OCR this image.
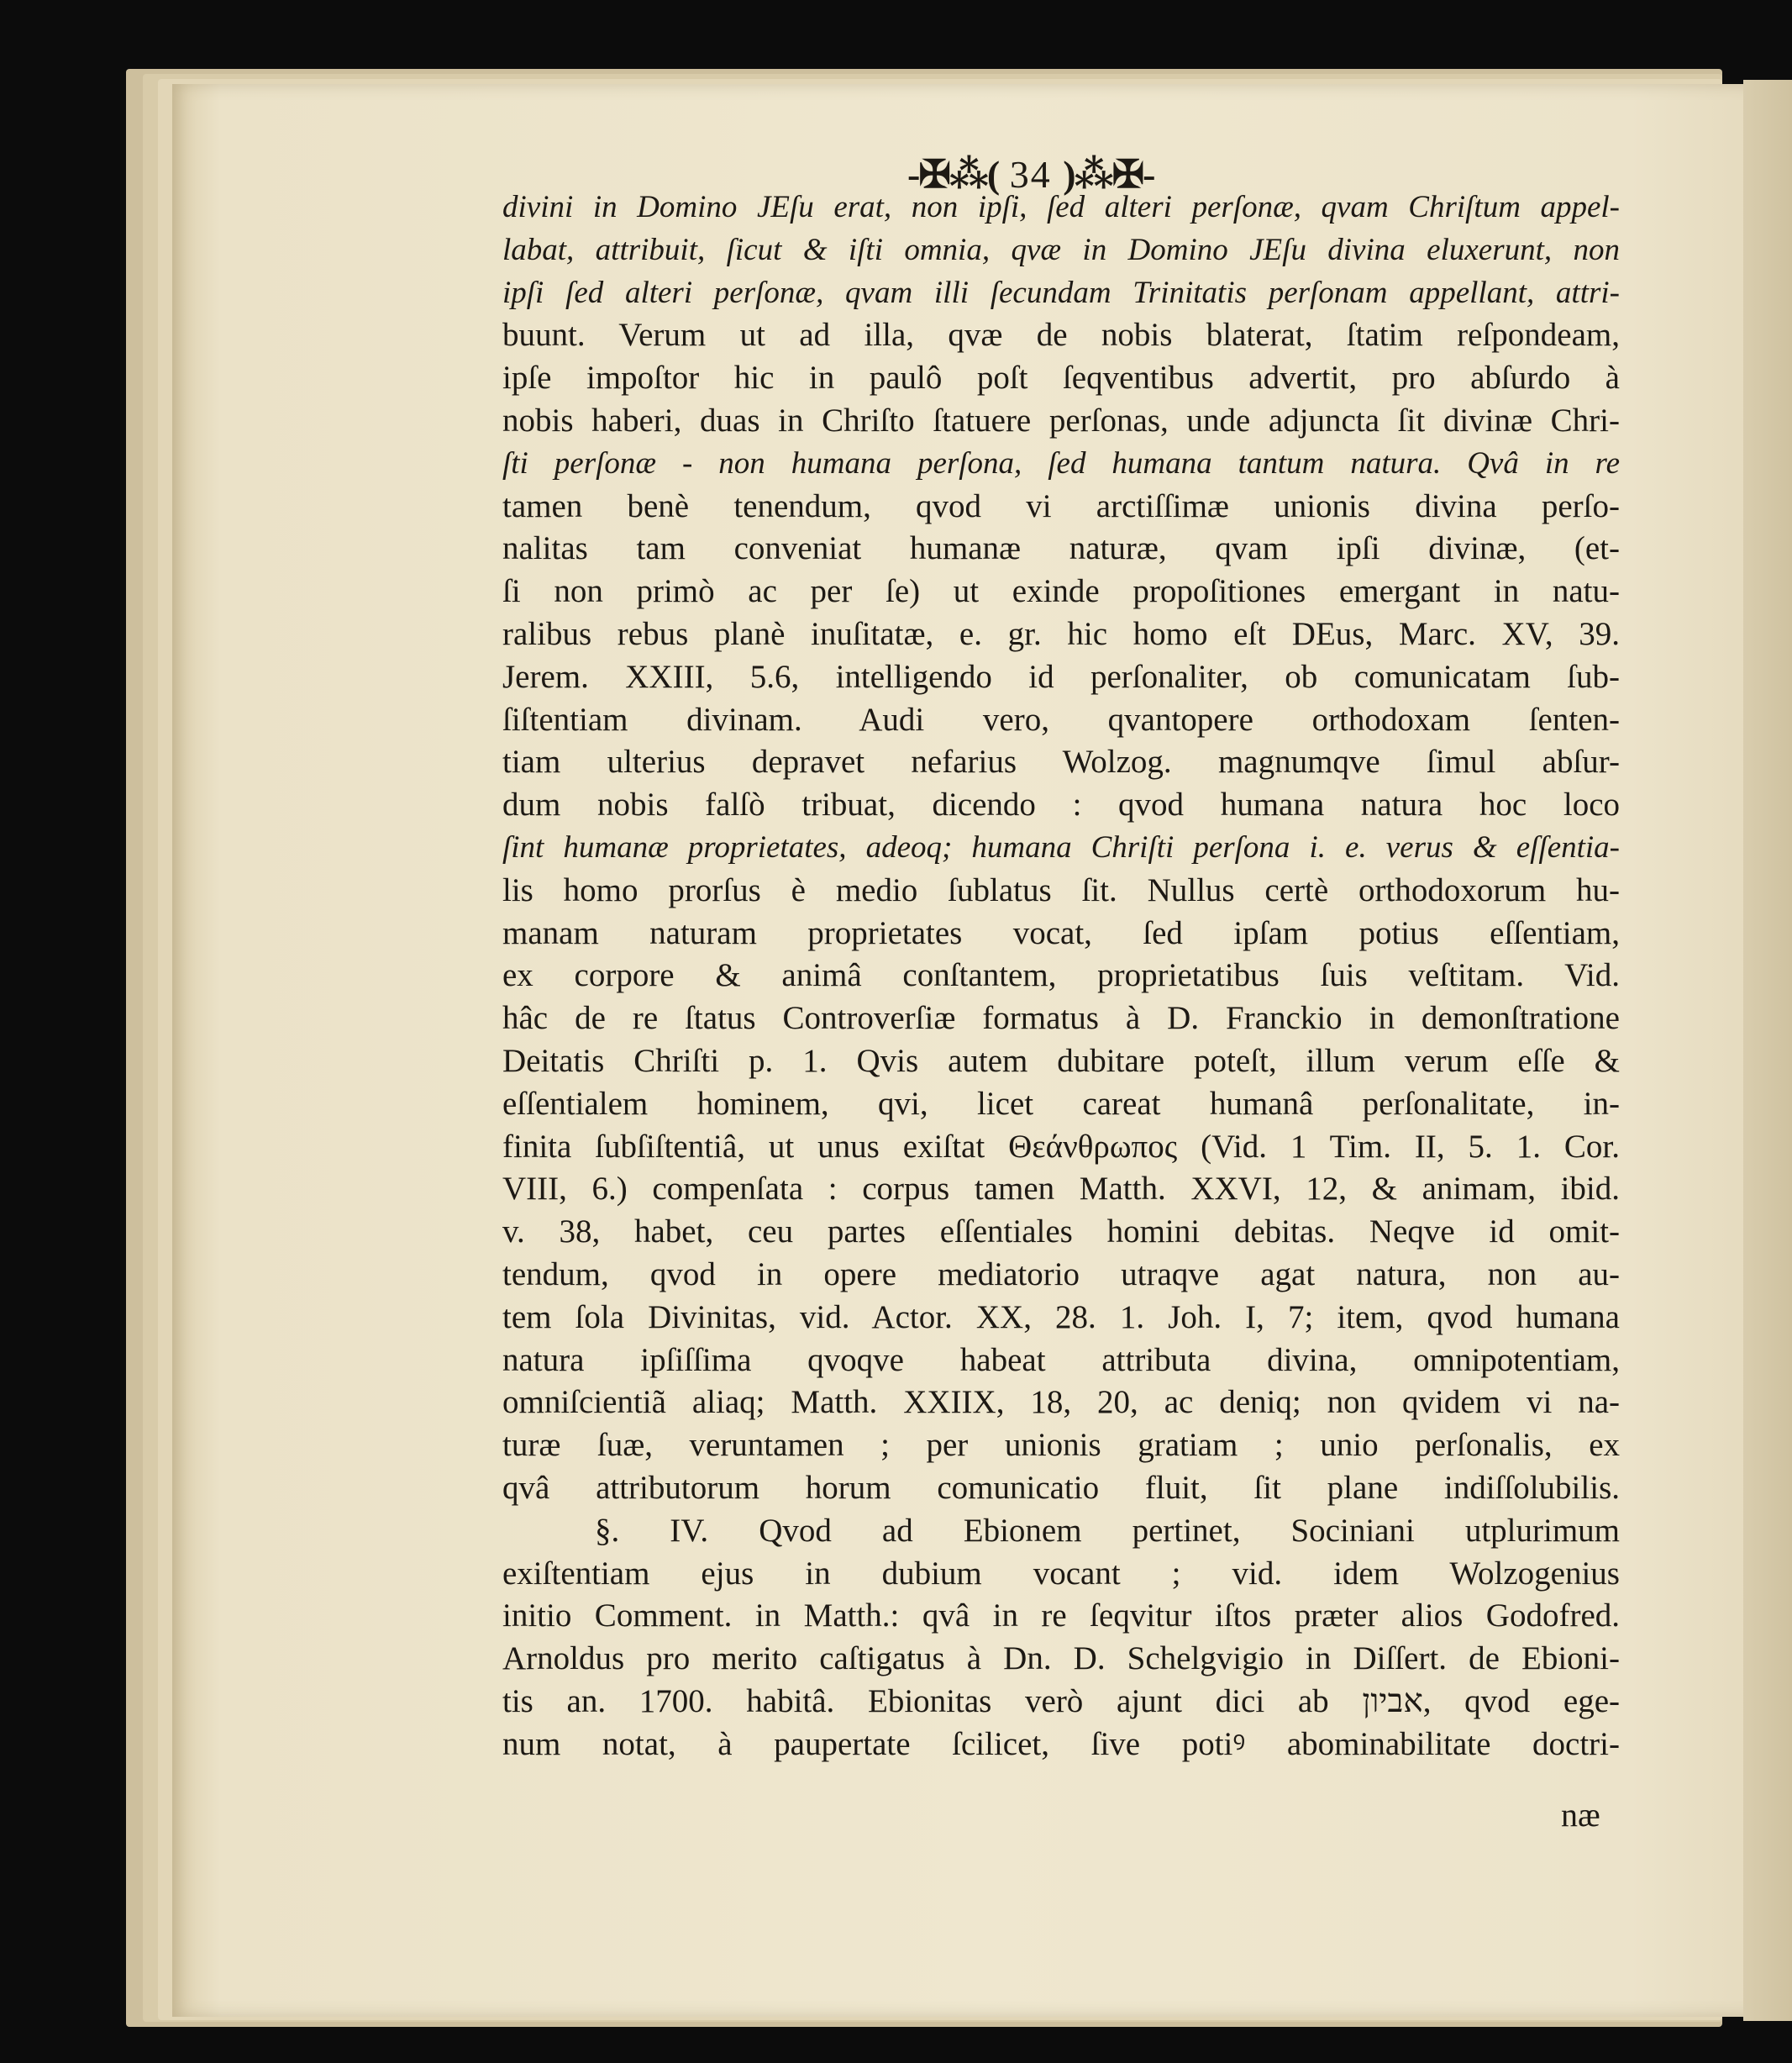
-✠⁂( 34 )⁂✠-
divini in Domino JEſu erat, non ipſi, ſed alteri perſonæ, qvam Chriſtum appel-
labat, attribuit, ſicut & iſti omnia, qvæ in Domino JEſu divina eluxerunt, non
ipſi ſed alteri perſonæ, qvam illi ſecundam Trinitatis perſonam appellant, attri-
buunt. Verum ut ad illa, qvæ de nobis blaterat, ſtatim reſpondeam,
ipſe impoſtor hic in paulô poſt ſeqventibus advertit, pro abſurdo à
nobis haberi, duas in Chriſto ſtatuere perſonas, unde adjuncta ſit divinæ Chri-
ſti perſonæ - non humana perſona, ſed humana tantum natura. Qvâ in re
tamen benè tenendum, qvod vi arctiſſimæ unionis divina perſo-
nalitas tam conveniat humanæ naturæ, qvam ipſi divinæ, (et-
ſi non primò ac per ſe) ut exinde propoſitiones emergant in natu-
ralibus rebus planè inuſitatæ, e. gr. hic homo eſt DEus, Marc. XV, 39.
Jerem. XXIII, 5.6, intelligendo id perſonaliter, ob comunicatam ſub-
ſiſtentiam divinam. Audi vero, qvantopere orthodoxam ſenten-
tiam ulterius depravet nefarius Wolzog. magnumqve ſimul abſur-
dum nobis falſò tribuat, dicendo : qvod humana natura hoc loco
ſint humanæ proprietates, adeoq; humana Chriſti perſona i. e. verus & eſſentia-
lis homo prorſus è medio ſublatus ſit. Nullus certè orthodoxorum hu-
manam naturam proprietates vocat, ſed ipſam potius eſſentiam,
ex corpore & animâ conſtantem, proprietatibus ſuis veſtitam. Vid.
hâc de re ſtatus Controverſiæ formatus à D. Franckio in demonſtratione
Deitatis Chriſti p. 1. Qvis autem dubitare poteſt, illum verum eſſe &
eſſentialem hominem, qvi, licet careat humanâ perſonalitate, in-
finita ſubſiſtentiâ, ut unus exiſtat Θεάνθρωπος (Vid. 1 Tim. II, 5. 1. Cor.
VIII, 6.) compenſata : corpus tamen Matth. XXVI, 12, & animam, ibid.
v. 38, habet, ceu partes eſſentiales homini debitas. Neqve id omit-
tendum, qvod in opere mediatorio utraqve agat natura, non au-
tem ſola Divinitas, vid. Actor. XX, 28. 1. Joh. I, 7; item, qvod humana
natura ipſiſſima qvoqve habeat attributa divina, omnipotentiam,
omniſcientiã aliaq; Matth. XXIIX, 18, 20, ac deniq; non qvidem vi na-
turæ ſuæ, veruntamen ; per unionis gratiam ; unio perſonalis, ex
qvâ attributorum horum comunicatio fluit, ſit plane indiſſolubilis.
§. IV. Qvod ad Ebionem pertinet, Sociniani utplurimum
exiſtentiam ejus in dubium vocant ; vid. idem Wolzogenius
initio Comment. in Matth.: qvâ in re ſeqvitur iſtos præter alios Godofred.
Arnoldus pro merito caſtigatus à Dn. D. Schelgvigio in Diſſert. de Ebioni-
tis an. 1700. habitâ. Ebionitas verò ajunt dici ab אביון, qvod ege-
num notat, à paupertate ſcilicet, ſive potiꝰ abominabilitate doctri-
næ
